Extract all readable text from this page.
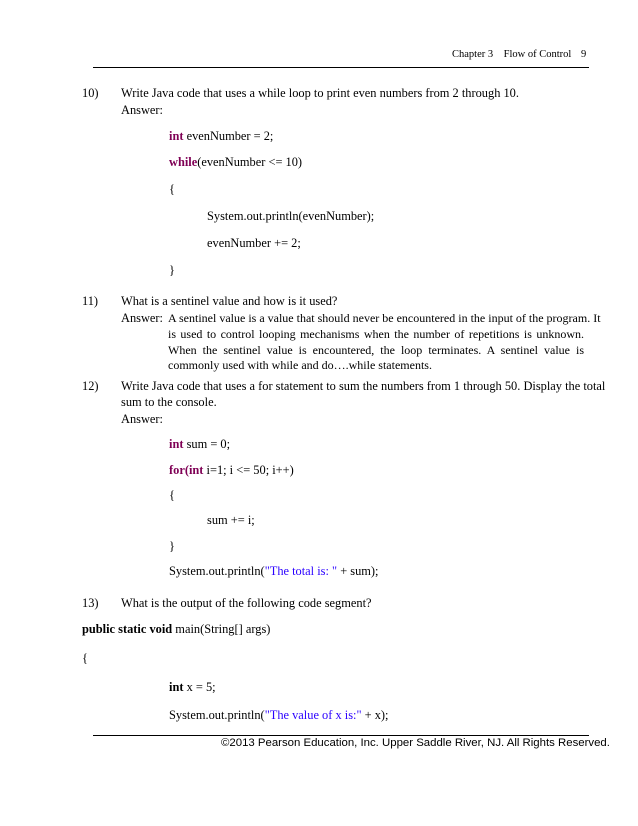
Chapter 3 Flow of Control 9
10) Write Java code that uses a while loop to print even numbers from 2 through 10.
Answer:
int evenNumber = 2;
while(evenNumber <= 10)
{
System.out.println(evenNumber);
evenNumber += 2;
}
11) What is a sentinel value and how is it used?
Answer: A sentinel value is a value that should never be encountered in the input of the program. It
is used to control looping mechanisms when the number of repetitions is unknown. When the sentinel value is encountered, the loop terminates. A sentinel value is commonly used with while and do….while statements.
12) Write Java code that uses a for statement to sum the numbers from 1 through 50. Display the total
sum to the console.
Answer:
int sum = 0;
for(int i=1; i <= 50; i++)
{
sum += i;
}
System.out.println("The total is: " + sum);
13) What is the output of the following code segment?
public static void main(String[] args)
{
int x = 5;
System.out.println("The value of x is:" + x);
©2013 Pearson Education, Inc. Upper Saddle River, NJ. All Rights Reserved.
